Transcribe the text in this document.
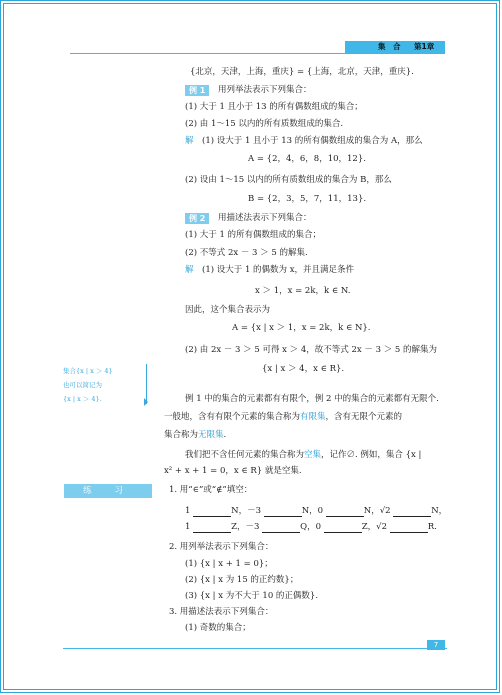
集　合 第1章
{北京，天津，上海，重庆} = {上海，北京，天津，重庆}.
例 1	用列举法表示下列集合：
(1) 大于 1 且小于 13 的所有偶数组成的集合；
(2) 由 1～15 以内的所有质数组成的集合.
解 (1) 设大于 1 且小于 13 的所有偶数组成的集合为 A，那么
A = {2，4，6，8，10，12}.
(2) 设由 1～15 以内的所有质数组成的集合为 B，那么
B = {2，3，5，7，11，13}.
例 2	用描述法表示下列集合：
(1) 大于 1 的所有偶数组成的集合；
(2) 不等式 2x － 3 ＞ 5 的解集.
解 (1) 设大于 1 的偶数为 x，并且满足条件
x ＞ 1，x = 2k，k ∈ N.
因此，这个集合表示为
A = {x | x ＞ 1，x = 2k，k ∈ N}.
(2) 由 2x － 3 ＞ 5 可得 x ＞ 4，故不等式 2x － 3 ＞ 5 的解集为
{x | x ＞ 4，x ∈ R}.
集合{x | x ＞ 4}
也可以简记为
{x | x ＞ 4}.	例 1 中的集合的元素都有有限个，例 2 中的集合的元素都有无限个.
一般地，含有有限个元素的集合称为有限集，含有无限个元素的
集合称为无限集.
我们把不含任何元素的集合称为空集，记作∅. 例如，集合 {x |
x² + x + 1 = 0，x ∈ R} 就是空集.
练 习	1. 用“∈”或“∉”填空：
1	N，－3	N，0	N，√2	N，
1	Z，－3	Q，0	Z，√2	R.
2. 用列举法表示下列集合：
(1) {x | x + 1 = 0}；
(2) {x | x 为 15 的正约数}；
(3) {x | x 为不大于 10 的正偶数}.
3. 用描述法表示下列集合：
(1) 奇数的集合；
7
